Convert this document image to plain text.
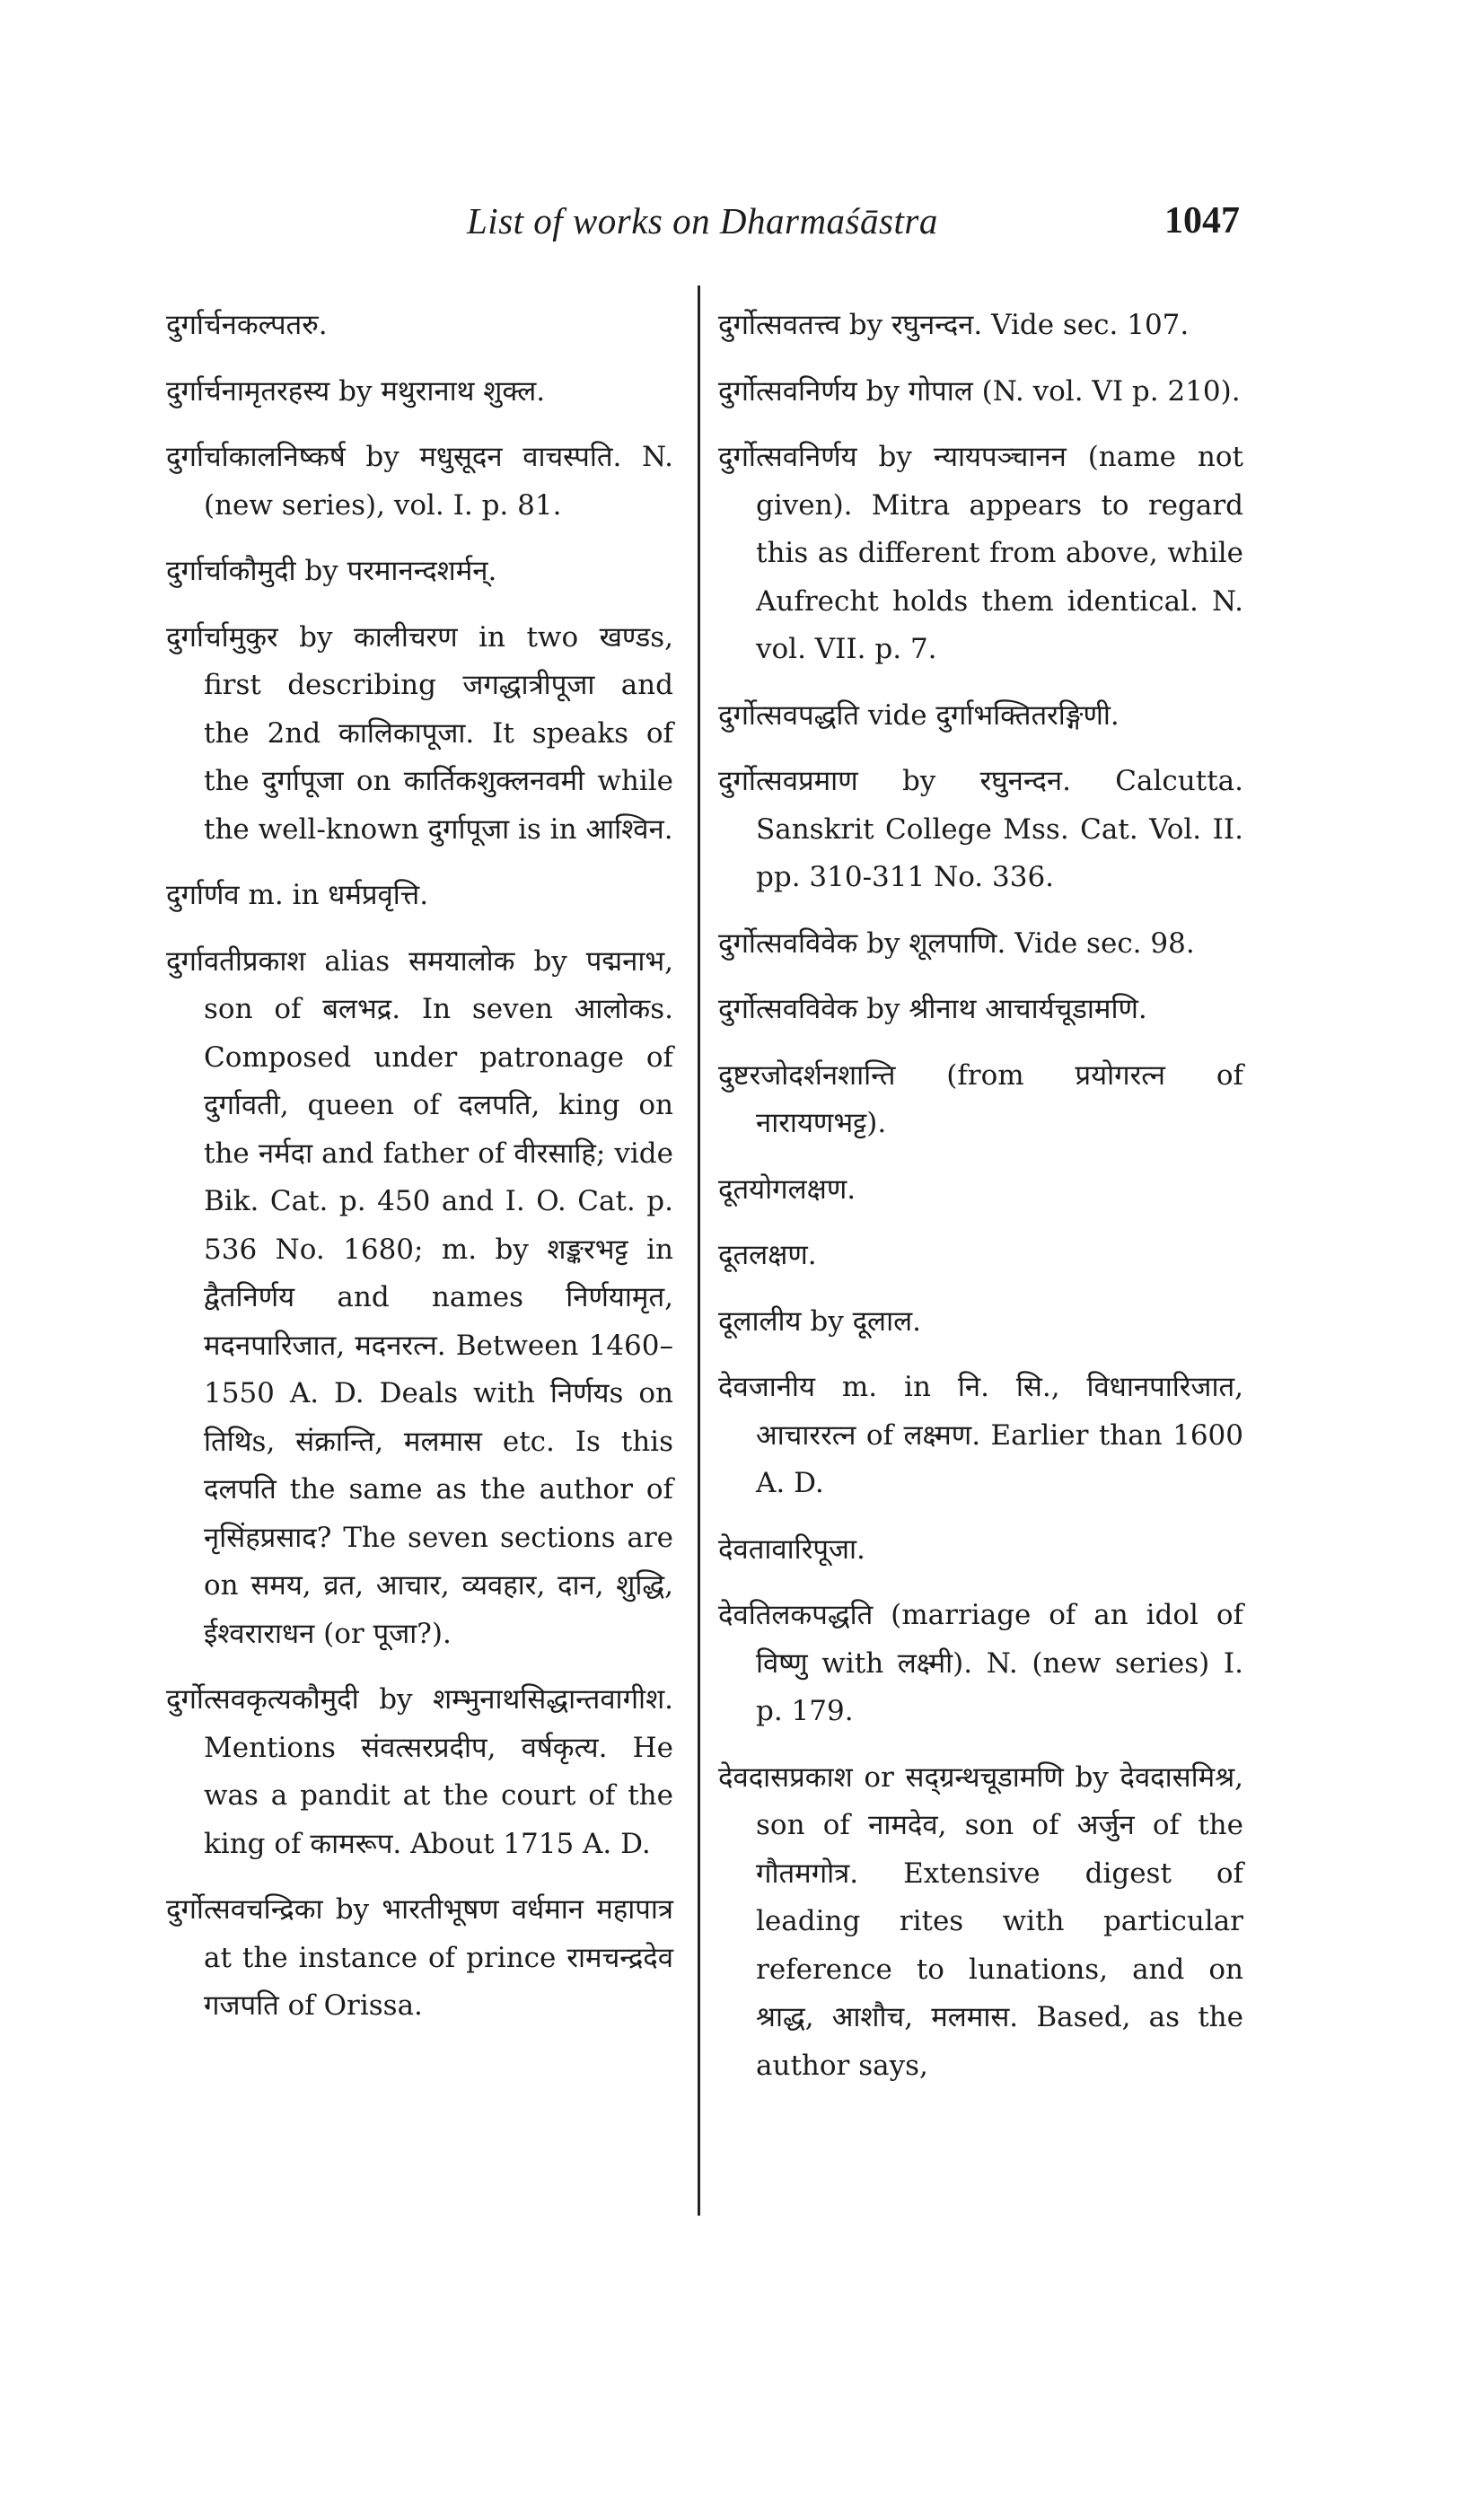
List of works on Dharmaśāstra	1047

दुर्गार्चनकल्पतरु.

दुर्गार्चनामृतरहस्य by मथुरानाथ शुक्ल.

दुर्गार्चाकालनिष्कर्ष by मधुसूदन वाचस्पति. N. (new series), vol. I. p. 81.

दुर्गार्चाकौमुदी by परमानन्दशर्मन्.

दुर्गार्चामुकुर by कालीचरण in two खण्डs, first describing जगद्धात्रीपूजा and the 2nd कालिकापूजा. It speaks of the दुर्गापूजा on कार्तिकशुक्लनवमी while the well-known दुर्गापूजा is in आश्विन.

दुर्गार्णव m. in धर्मप्रवृत्ति.

दुर्गावतीप्रकाश alias समयालोक by पद्मनाभ, son of बलभद्र. In seven आलोकs. Composed under patronage of दुर्गावती, queen of दलपति, king on the नर्मदा and father of वीरसाहि; vide Bik. Cat. p. 450 and I. O. Cat. p. 536 No. 1680; m. by शङ्करभट्ट in द्वैतनिर्णय and names निर्णयामृत, मदनपारिजात, मदनरत्न. Between 1460–1550 A. D. Deals with निर्णयs on तिथिs, संक्रान्ति, मलमास etc. Is this दलपति the same as the author of नृसिंहप्रसाद? The seven sections are on समय, व्रत, आचार, व्यवहार, दान, शुद्धि, ईश्वराराधन (or पूजा?).

दुर्गोत्सवकृत्यकौमुदी by शम्भुनाथसिद्धान्तवागीश. Mentions संवत्सरप्रदीप, वर्षकृत्य. He was a pandit at the court of the king of कामरूप. About 1715 A. D.

दुर्गोत्सवचन्द्रिका by भारतीभूषण वर्धमान महापात्र at the instance of prince रामचन्द्रदेव गजपति of Orissa.

दुर्गोत्सवतत्त्व by रघुनन्दन. Vide sec. 107.

दुर्गोत्सवनिर्णय by गोपाल (N. vol. VI p. 210).

दुर्गोत्सवनिर्णय by न्यायपञ्चानन (name not given). Mitra appears to regard this as different from above, while Aufrecht holds them identical. N. vol. VII. p. 7.

दुर्गोत्सवपद्धति vide दुर्गाभक्तितरङ्गिणी.

दुर्गोत्सवप्रमाण by रघुनन्दन. Calcutta. Sanskrit College Mss. Cat. Vol. II. pp. 310-311 No. 336.

दुर्गोत्सवविवेक by शूलपाणि. Vide sec. 98.

दुर्गोत्सवविवेक by श्रीनाथ आचार्यचूडामणि.

दुष्टरजोदर्शनशान्ति (from प्रयोगरत्न of नारायणभट्ट).

दूतयोगलक्षण.

दूतलक्षण.

दूलालीय by दूलाल.

देवजानीय m. in नि. सि., विधानपारिजात, आचाररत्न of लक्ष्मण. Earlier than 1600 A. D.

देवतावारिपूजा.

देवतिलकपद्धति (marriage of an idol of विष्णु with लक्ष्मी). N. (new series) I. p. 179.

देवदासप्रकाश or सद्ग्रन्थचूडामणि by देवदासमिश्र, son of नामदेव, son of अर्जुन of the गौतमगोत्र. Extensive digest of leading rites with particular reference to lunations, and on श्राद्ध, आशौच, मलमास. Based, as the author says,
